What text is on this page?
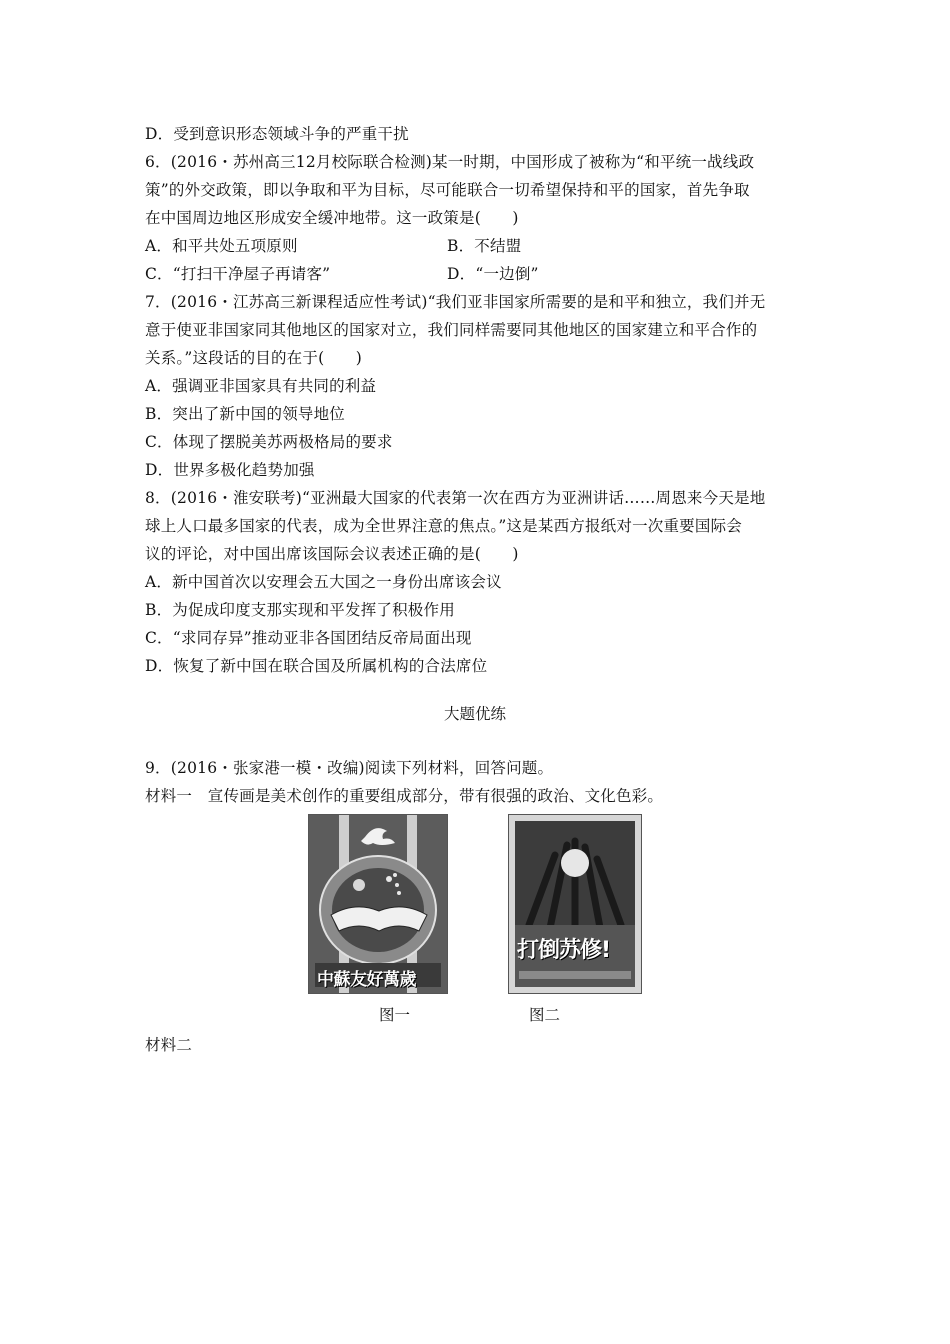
D．受到意识形态领域斗争的严重干扰
6．(2016・苏州高三12月校际联合检测)某一时期，中国形成了被称为“和平统一战线政
策”的外交政策，即以争取和平为目标，尽可能联合一切希望保持和平的国家，首先争取
在中国周边地区形成安全缓冲地带。这一政策是(　　)
A．和平共处五项原则	B．不结盟
C．“打扫干净屋子再请客”	D．“一边倒”
7．(2016・江苏高三新课程适应性考试)“我们亚非国家所需要的是和平和独立，我们并无
意于使亚非国家同其他地区的国家对立，我们同样需要同其他地区的国家建立和平合作的
关系。”这段话的目的在于(　　)
A．强调亚非国家具有共同的利益
B．突出了新中国的领导地位
C．体现了摆脱美苏两极格局的要求
D．世界多极化趋势加强
8．(2016・淮安联考)“亚洲最大国家的代表第一次在西方为亚洲讲话……周恩来今天是地
球上人口最多国家的代表，成为全世界注意的焦点。”这是某西方报纸对一次重要国际会
议的评论，对中国出席该国际会议表述正确的是(　　)
A．新中国首次以安理会五大国之一身份出席该会议
B．为促成印度支那实现和平发挥了积极作用
C．“求同存异”推动亚非各国团结反帝局面出现
D．恢复了新中国在联合国及所属机构的合法席位
大题优练
9．(2016・张家港一模・改编)阅读下列材料，回答问题。
材料一　宣传画是美术创作的重要组成部分，带有很强的政治、文化色彩。
中蘇友好萬歲
图一
打倒苏修!
图二
材料二
